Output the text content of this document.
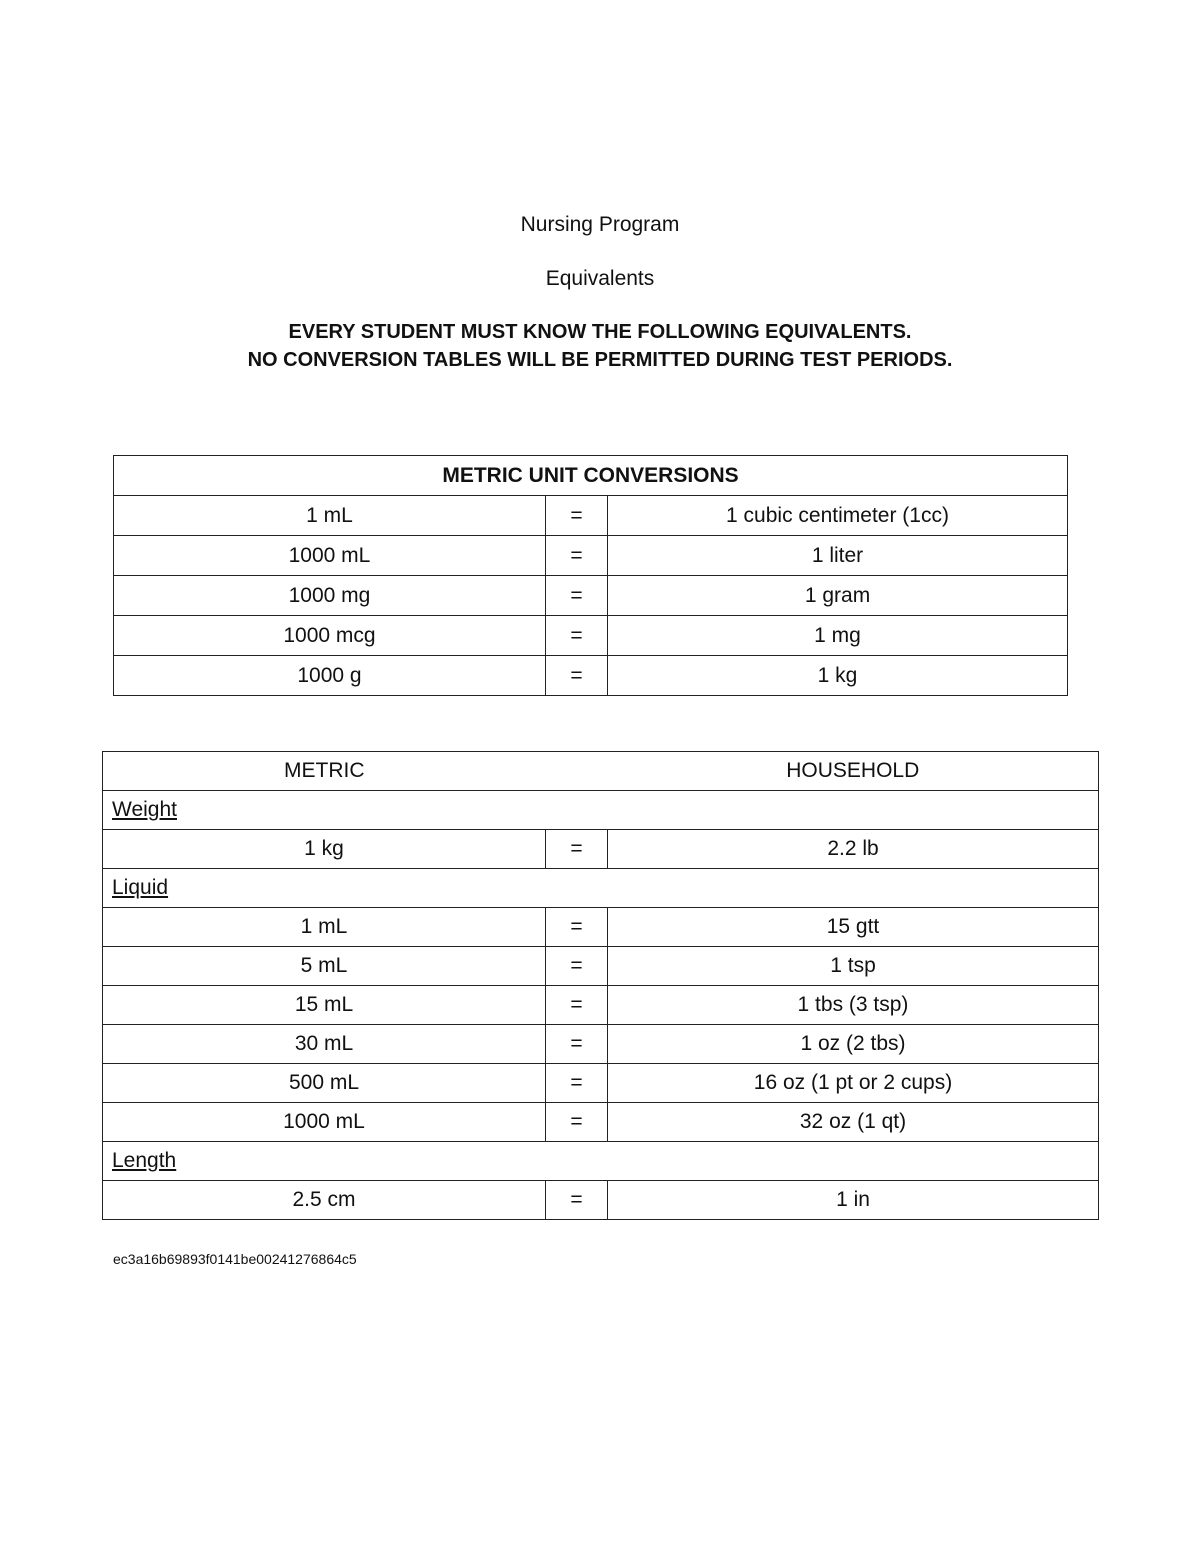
Nursing Program
Equivalents
EVERY STUDENT MUST KNOW THE FOLLOWING EQUIVALENTS.
NO CONVERSION TABLES WILL BE PERMITTED DURING TEST PERIODS.
METRIC UNIT CONVERSIONS		
1 mL	=	1 cubic centimeter (1cc)
1000 mL	=	1 liter
1000 mg	=	1 gram
1000 mcg	=	1 mg
1000 g	=	1 kg
METRIC		HOUSEHOLD
Weight		
1 kg	=	2.2 lb
Liquid		
1 mL	=	15 gtt
5 mL	=	1 tsp
15 mL	=	1 tbs (3 tsp)
30 mL	=	1 oz (2 tbs)
500 mL	=	16 oz (1 pt or 2 cups)
1000 mL	=	32 oz (1 qt)
Length		
2.5 cm	=	1 in
ec3a16b69893f0141be00241276864c5
